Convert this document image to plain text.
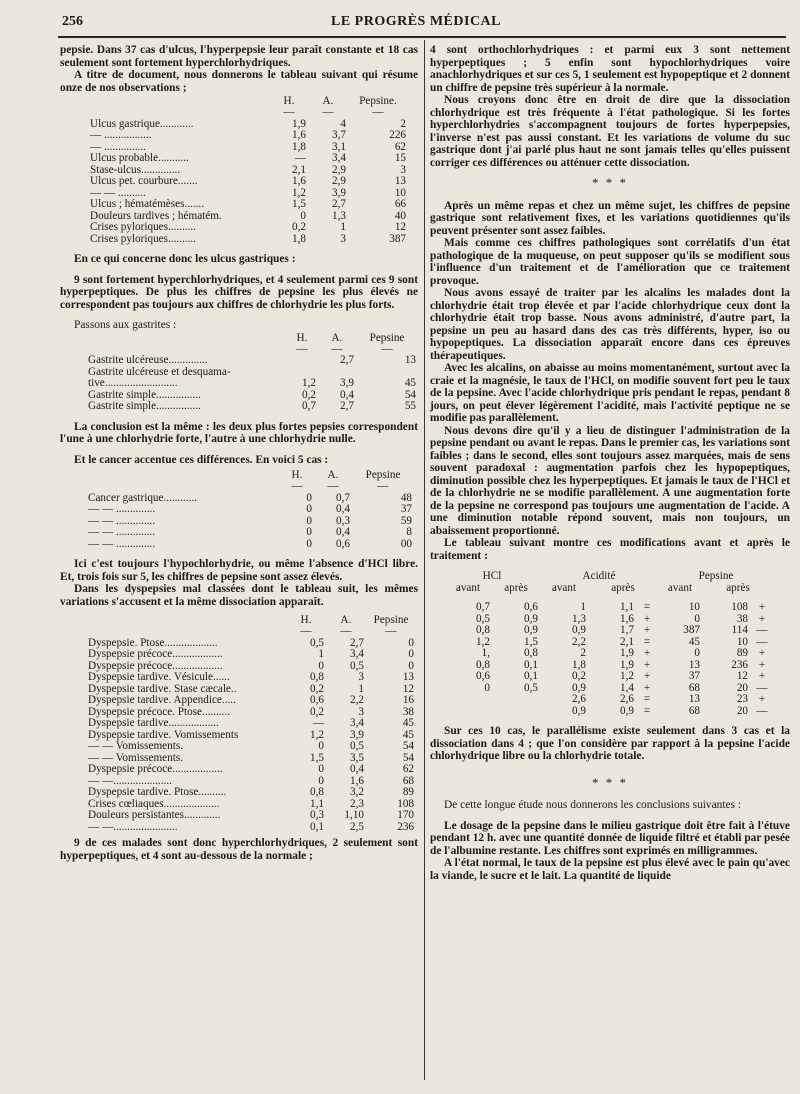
256	LE PROGRÈS MÉDICAL

pepsie. Dans 37 cas d'ulcus, l'hyperpepsie leur paraît constante et 18 cas seulement sont fortement hyperchlorhydriques.

A titre de document, nous donnerons le tableau suivant qui résume onze de nos observations ;

	H.	A.	Pepsine.
	—	—	—
Ulcus gastrique............	1,9	4	2
— .................	1,6	3,7	226
— ...............	1,8	3,1	62
Ulcus probable...........	—	3,4	15
Stase-ulcus..............	2,1	2,9	3
Ulcus pet. courbure.......	1,6	2,9	13
— — ..........	1,2	3,9	10
Ulcus ; hématémèses.......	1,5	2,7	66
Douleurs tardives ; hématém.	0	1,3	40
Crises pyloriques..........	0,2	1	12
Crises pyloriques..........	1,8	3	387

En ce qui concerne donc les ulcus gastriques :

9 sont fortement hyperchlorhydriques, et 4 seulement parmi ces 9 sont hyperpeptiques. De plus les chiffres de pepsine les plus élevés ne correspondent pas toujours aux chiffres de chlorhydrie les plus forts.

Passons aux gastrites :

	H.	A.	Pepsine
	—	—	—
Gastrite ulcéreuse..............		2,7	13
Gastrite ulcéreuse et desquama-			
tive..........................	1,2	3,9	45
Gastrite simple................	0,2	0,4	54
Gastrite simple................	0,7	2,7	55

La conclusion est la même : les deux plus fortes pepsies correspondent l'une à une chlorhydrie forte, l'autre à une chlorhydrie nulle.

Et le cancer accentue ces différences. En voici 5 cas :

	H.	A.	Pepsine
	—	—	—
Cancer gastrique............	0	0,7	48
— — ..............	0	0,4	37
— — ..............	0	0,3	59
— — ..............	0	0,4	8
— — ..............	0	0,6	00

Ici c'est toujours l'hypochlorhydrie, ou même l'absence d'HCl libre. Et, trois fois sur 5, les chiffres de pepsine sont assez élevés.

Dans les dyspepsies mal classées dont le tableau suit, les mêmes variations s'accusent et la même dissociation apparaît.

	H.	A.	Pepsine
	—	—	—
Dyspepsie. Ptose...................	0,5	2,7	0
Dyspepsie précoce..................	1	3,4	0
Dyspepsie précoce..................	0	0,5	0
Dyspepsie tardive. Vésicule......	0,8	3	13
Dyspepsie tardive. Stase cæcale..	0,2	1	12
Dyspepsie tardive. Appendice.....	0,6	2,2	16
Dyspepsie précoce. Ptose..........	0,2	3	38
Dyspepsie tardive..................	—	3,4	45
Dyspepsie tardive. Vomissements	1,2	3,9	45
— — Vomissements.	0	0,5	54
— — Vomissements.	1,5	3,5	54
Dyspepsie précoce..................	0	0,4	62
— —.....................	0	1,6	68

Dyspepsie tardive. Ptose..........	0,8	3,2	89
Crises cœliaques....................	1,1	2,3	108
Douleurs persistantes.............	0,3	1,10	170
— —.......................	0,1	2,5	236

9 de ces malades sont donc hyperchlorhydriques, 2 seulement sont hyperpeptiques, et 4 sont au-dessous de la normale ;

4 sont orthochlorhydriques : et parmi eux 3 sont nettement hyperpeptiques ; 5 enfin sont hypochlorhydriques voire anachlorhydriques et sur ces 5, 1 seulement est hypopeptique et 2 donnent un chiffre de pepsine très supérieur à la normale.

Nous croyons donc être en droit de dire que la dissociation chlorhydrique est très fréquente à l'état pathologique. Si les fortes hyperchlorhydries s'accompagnent toujours de fortes hyperpepsies, l'inverse n'est pas aussi constant. Et les variations de volume du suc gastrique dont j'ai parlé plus haut ne sont jamais telles qu'elles puissent corriger ces différences ou atténuer cette dissociation.

* * *

Après un même repas et chez un même sujet, les chiffres de pepsine gastrique sont relativement fixes, et les variations quotidiennes qu'ils peuvent présenter sont assez faibles.

Mais comme ces chiffres pathologiques sont corrélatifs d'un état pathologique de la muqueuse, on peut supposer qu'ils se modifient sous l'influence d'un traitement et de l'amélioration que ce traitement provoque.

Nous avons essayé de traiter par les alcalins les malades dont la chlorhydrie était trop élevée et par l'acide chlorhydrique ceux dont la chlorhydrie était trop basse. Nous avons administré, d'autre part, la pepsine un peu au hasard dans des cas très différents, hyper, iso ou hypopeptiques. La dissociation apparaît encore dans ces épreuves thérapeutiques.

Avec les alcalins, on abaisse au moins momentanément, surtout avec la craie et la magnésie, le taux de l'HCl, on modifie souvent fort peu le taux de la pepsine. Avec l'acide chlorhydrique pris pendant le repas, pendant 8 jours, on peut élever légèrement l'acidité, mais l'activité peptique ne se modifie pas parallèlement.

Nous devons dire qu'il y a lieu de distinguer l'administration de la pepsine pendant ou avant le repas. Dans le premier cas, les variations sont faibles ; dans le second, elles sont toujours assez marquées, mais de sens souvent paradoxal : augmentation parfois chez les hypopeptiques, diminution possible chez les hyperpeptiques. Et jamais le taux de l'HCl et de la chlorhydrie ne se modifie parallèlement. A une augmentation forte de la pepsine ne correspond pas toujours une augmentation de l'acide. A une diminution notable répond souvent, mais non toujours, un abaissement proportionné.

Le tableau suivant montre ces modifications avant et après le traitement :

HCl		Acidité			Pepsine		
avant	après	avant	après		avant	après	

0,7	0,6	1	1,1	=	10	108	+
0,5	0,9	1,3	1,6	+	0	38	+
0,8	0,9	0,9	1,7	+	387	114	—
1,2	1,5	2,2	2,1	=	45	10	—
1,	0,8	2	1,9	+	0	89	+
0,8	0,1	1,8	1,9	+	13	236	+
0,6	0,1	0,2	1,2	+	37	12	+
0	0,5	0,9	1,4	+	68	20	—
		2,6	2,6	=	13	23	+
		0,9	0,9	=	68	20	—

Sur ces 10 cas, le parallélisme existe seulement dans 3 cas et la dissociation dans 4 ; que l'on considère par rapport à la pepsine l'acide chlorhydrique libre ou la chlorhydrie totale.

* * *

De cette longue étude nous donnerons les conclusions suivantes :

Le dosage de la pepsine dans le milieu gastrique doit être fait à l'étuve pendant 12 h. avec une quantité donnée de liquide filtré et établi par pesée de l'albumine restante. Les chiffres sont exprimés en milligrammes.

A l'état normal, le taux de la pepsine est plus élevé avec le pain qu'avec la viande, le sucre et le lait. La quantité de liquide
